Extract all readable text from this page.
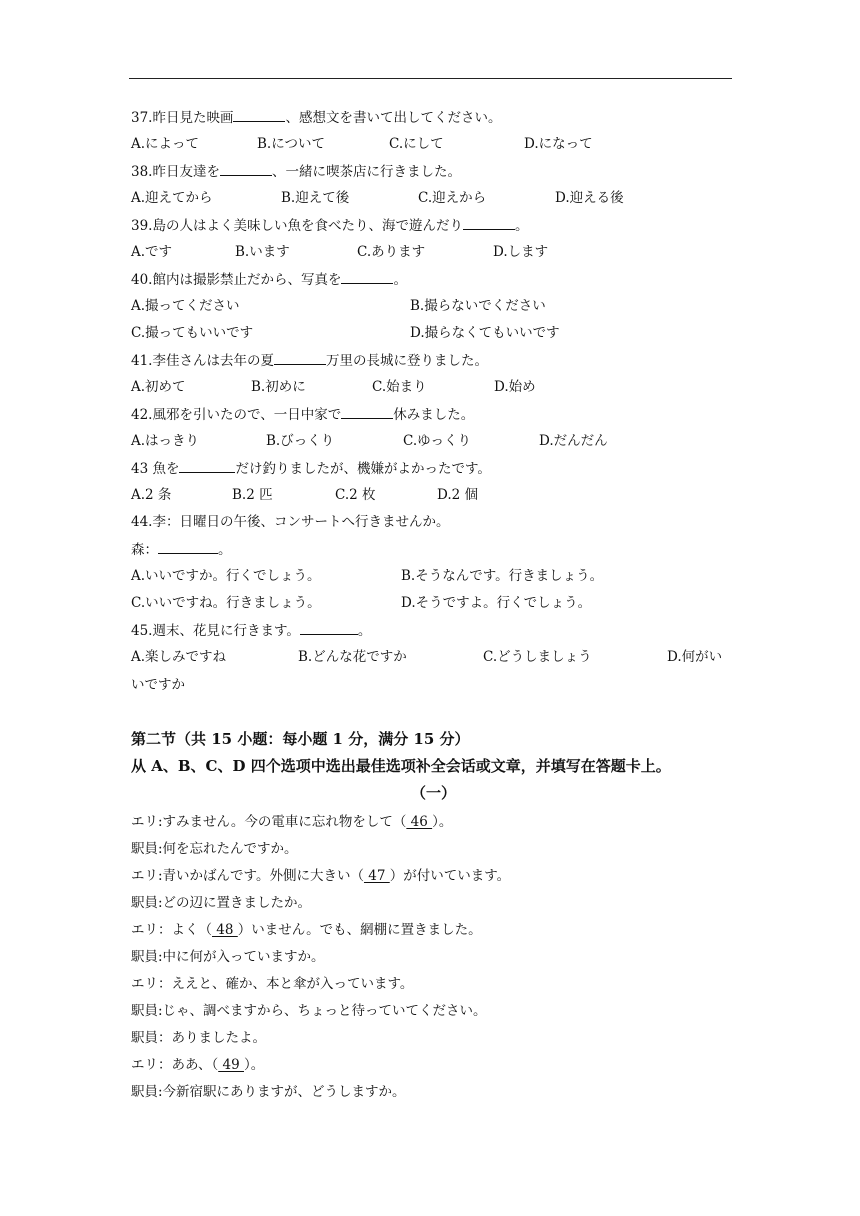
37.昨日見た映画	、感想文を書いて出してください。
A.によって	B.について	C.にして	D.になって
38.昨日友達を	、一緒に喫茶店に行きました。
A.迎えてから	B.迎えて後	C.迎えから	D.迎える後
39.島の人はよく美味しい魚を食べたり、海で遊んだり	。
A.です	B.います	C.あります	D.します
40.館内は撮影禁止だから、写真を	。
A.撮ってください	B.撮らないでください
C.撮ってもいいです	D.撮らなくてもいいです
41.李佳さんは去年の夏	万里の長城に登りました。
A.初めて	B.初めに	C.始まり	D.始め
42.風邪を引いたので、一日中家で	休みました。
A.はっきり	B.びっくり	C.ゆっくり	D.だんだん
43 魚を	だけ釣りましたが、機嫌がよかったです。
A.2 条	B.2 匹	C.2 枚	D.2 個
44.李：日曜日の午後、コンサートへ行きませんか。
森：	。
A.いいですか。行くでしょう。	B.そうなんです。行きましょう。
C.いいですね。行きましょう。	D.そうですよ。行くでしょう。
45.週末、花見に行きます。	。
A.楽しみですね	B.どんな花ですか	C.どうしましょう	D.何がい
いですか
第二节（共 15 小题：每小题 1 分，满分 15 分）
从 A、B、C、D 四个选项中选出最佳选项补全会话或文章，并填写在答题卡上。
（一）
エリ:すみません。今の電車に忘れ物をして（ 46 ）。
駅員:何を忘れたんですか。
エリ:青いかばんです。外側に大きい（ 47 ）が付いています。
駅員:どの辺に置きましたか。
エリ：よく（ 48 ）いません。でも、網棚に置きました。
駅員:中に何が入っていますか。
エリ：ええと、確か、本と傘が入っています。
駅員:じゃ、調べますから、ちょっと待っていてください。
駅員：ありましたよ。
エリ：ああ、（ 49 ）。
駅員:今新宿駅にありますが、どうしますか。
